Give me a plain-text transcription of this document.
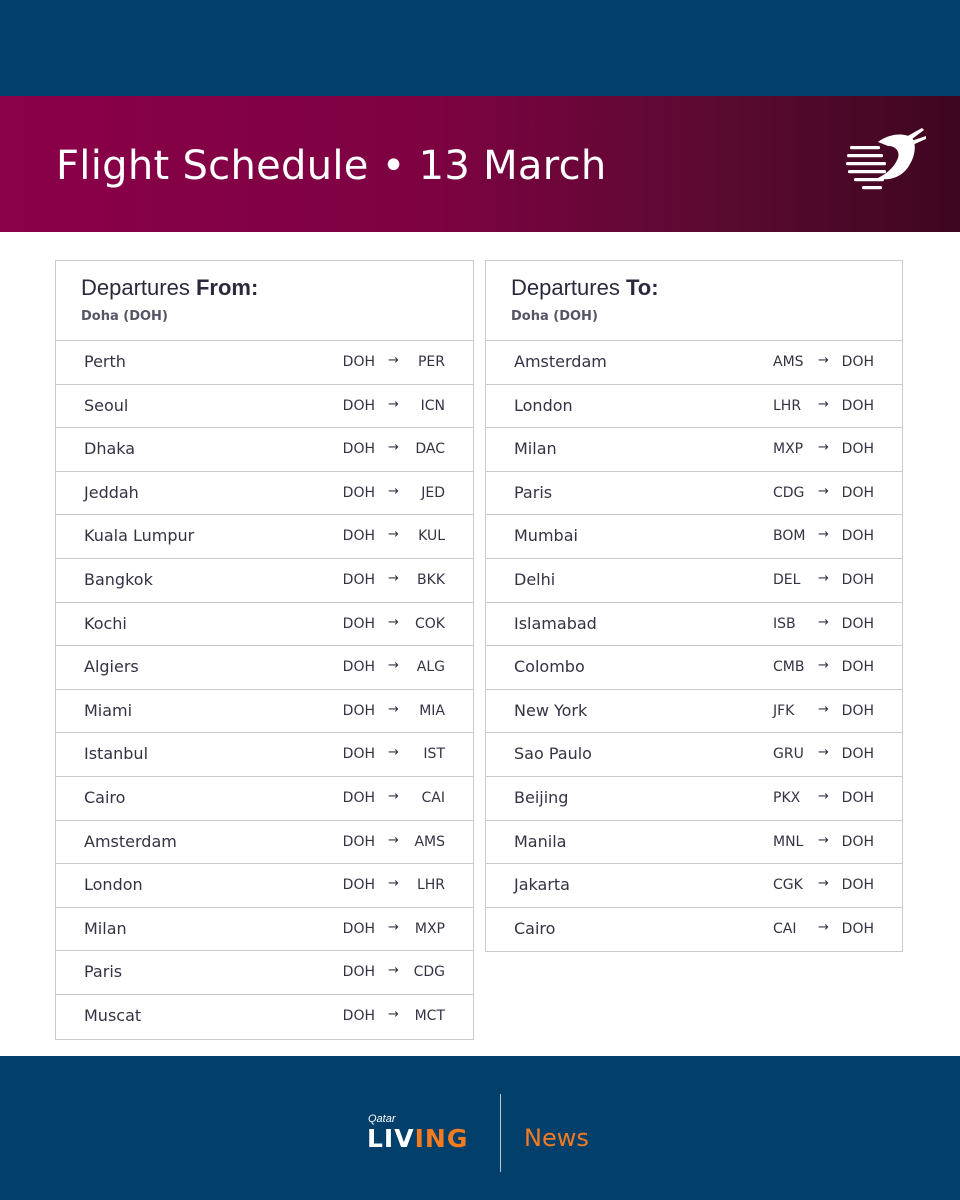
Flight Schedule • 13 March
Departures From:
Doha (DOH)
Perth	DOH → PER
Seoul	DOH → ICN
Dhaka	DOH → DAC
Jeddah	DOH → JED
Kuala Lumpur	DOH → KUL
Bangkok	DOH → BKK
Kochi	DOH → COK
Algiers	DOH → ALG
Miami	DOH → MIA
Istanbul	DOH → IST
Cairo	DOH → CAI
Amsterdam	DOH → AMS
London	DOH → LHR
Milan	DOH → MXP
Paris	DOH → CDG
Muscat	DOH → MCT
Departures To:
Doha (DOH)
Amsterdam	AMS → DOH
London	LHR → DOH
Milan	MXP → DOH
Paris	CDG → DOH
Mumbai	BOM → DOH
Delhi	DEL → DOH
Islamabad	ISB → DOH
Colombo	CMB → DOH
New York	JFK → DOH
Sao Paulo	GRU → DOH
Beijing	PKX → DOH
Manila	MNL → DOH
Jakarta	CGK → DOH
Cairo	CAI → DOH
Qatar
LIVING News
